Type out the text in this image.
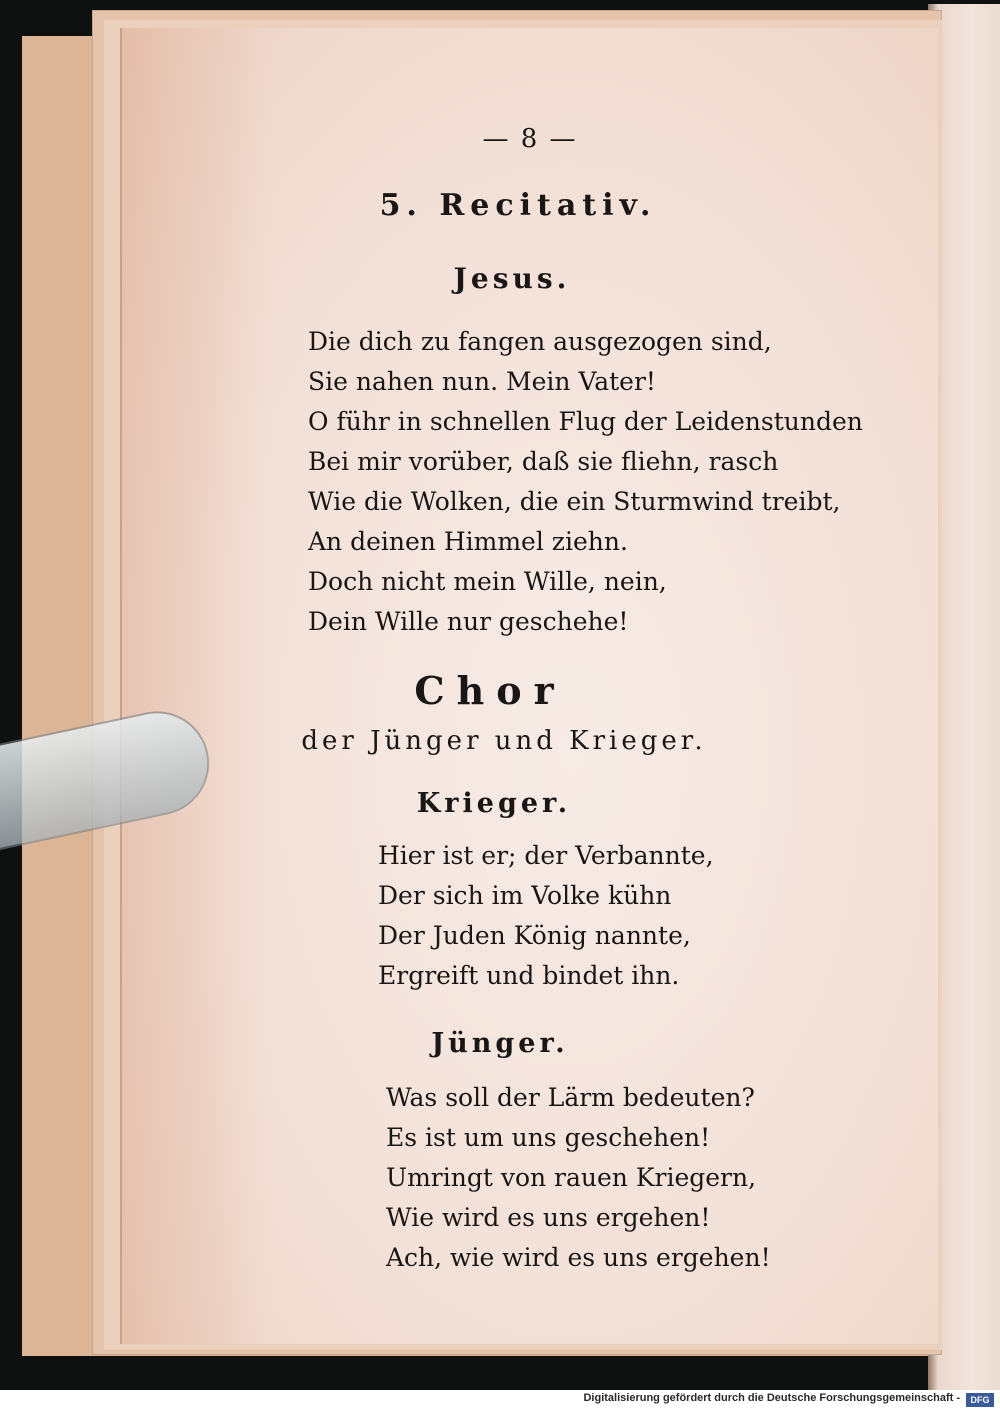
— 8 —
5. Recitativ.
Jesus.
Die dich zu fangen ausgezogen sind,
Sie nahen nun. Mein Vater!
O führ in schnellen Flug der Leidenstunden
Bei mir vorüber, daß sie fliehn, rasch
Wie die Wolken, die ein Sturmwind treibt,
An deinen Himmel ziehn.
Doch nicht mein Wille, nein,
Dein Wille nur geschehe!
Chor
der Jünger und Krieger.
Krieger.
Hier ist er; der Verbannte,
Der sich im Volke kühn
Der Juden König nannte,
Ergreift und bindet ihn.
Jünger.
Was soll der Lärm bedeuten?
Es ist um uns geschehen!
Umringt von rauen Kriegern,
Wie wird es uns ergehen!
Ach, wie wird es uns ergehen!
Digitalisierung gefördert durch die Deutsche Forschungsgemeinschaft -	DFG
